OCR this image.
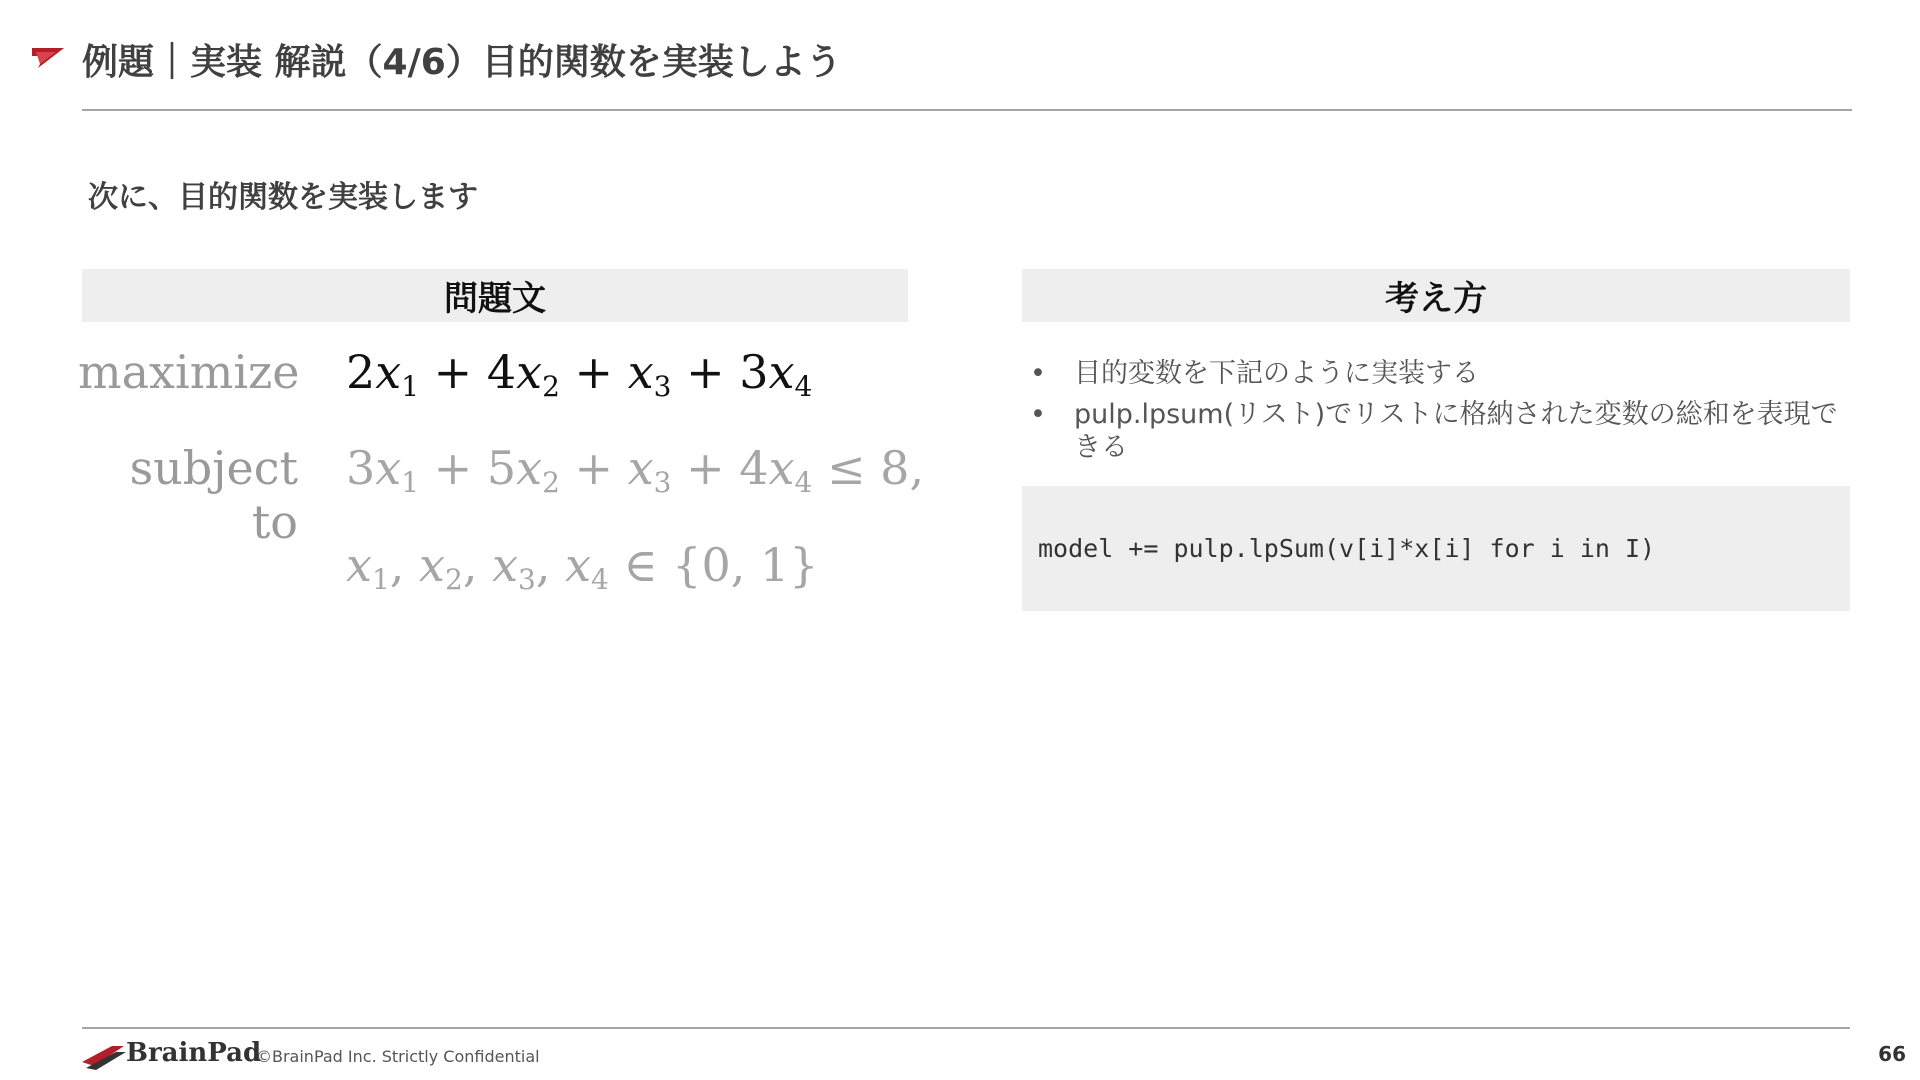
例題｜実装 解説（4/6）目的関数を実装しよう
次に、目的関数を実装します
問題文
maximize $2x_1 + 4x_2 + x_3 + 3x_4$
subject to
$3x_1 + 5x_2 + x_3 + 4x_4 \le 8$,
$x_1$, $x_2$, $x_3$, $x_4$ ∈ {0, 1}
考え方
• 目的変数を下記のように実装する
• pulp.lpsum(リスト)でリストに格納された変数の総和を表現できる
model += pulp.lpSum(v[i]*x[i] for i in I)
BrainPad
©BrainPad Inc. Strictly Confidential	66
